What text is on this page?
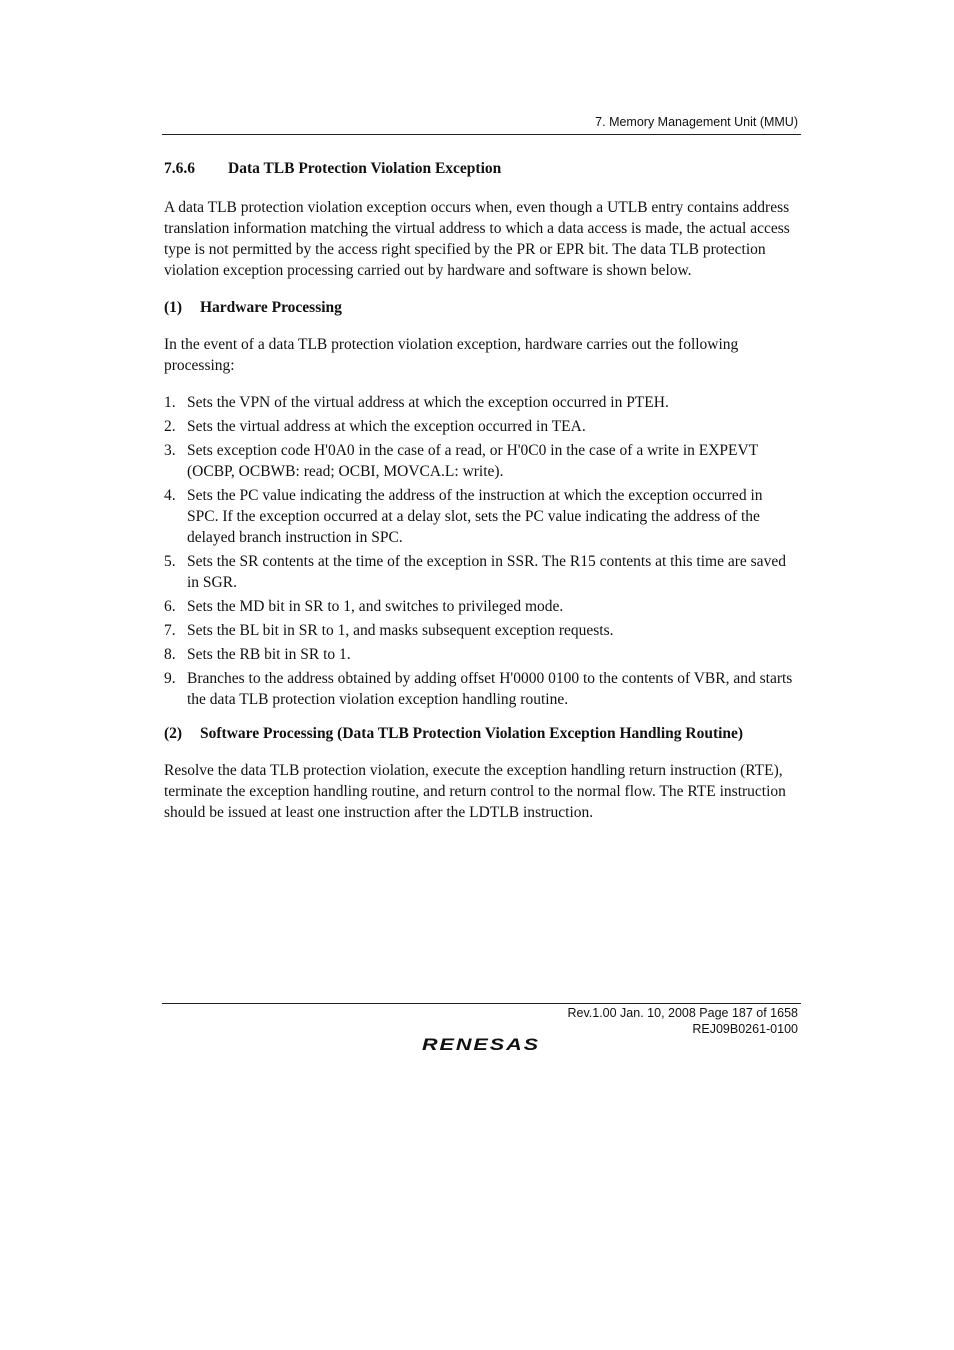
7. Memory Management Unit (MMU)
7.6.6	Data TLB Protection Violation Exception

A data TLB protection violation exception occurs when, even though a UTLB entry contains address translation information matching the virtual address to which a data access is made, the actual access type is not permitted by the access right specified by the PR or EPR bit. The data TLB protection violation exception processing carried out by hardware and software is shown below.

(1)	Hardware Processing

In the event of a data TLB protection violation exception, hardware carries out the following processing:

1. Sets the VPN of the virtual address at which the exception occurred in PTEH.
2. Sets the virtual address at which the exception occurred in TEA.
3. Sets exception code H'0A0 in the case of a read, or H'0C0 in the case of a write in EXPEVT (OCBP, OCBWB: read; OCBI, MOVCA.L: write).
4. Sets the PC value indicating the address of the instruction at which the exception occurred in SPC. If the exception occurred at a delay slot, sets the PC value indicating the address of the delayed branch instruction in SPC.
5. Sets the SR contents at the time of the exception in SSR. The R15 contents at this time are saved in SGR.
6. Sets the MD bit in SR to 1, and switches to privileged mode.
7. Sets the BL bit in SR to 1, and masks subsequent exception requests.
8. Sets the RB bit in SR to 1.
9. Branches to the address obtained by adding offset H'0000 0100 to the contents of VBR, and starts the data TLB protection violation exception handling routine.
(2)	Software Processing (Data TLB Protection Violation Exception Handling Routine)

Resolve the data TLB protection violation, execute the exception handling return instruction (RTE), terminate the exception handling routine, and return control to the normal flow. The RTE instruction should be issued at least one instruction after the LDTLB instruction.

Rev.1.00 Jan. 10, 2008 Page 187 of 1658
REJ09B0261-0100
RENESAS
